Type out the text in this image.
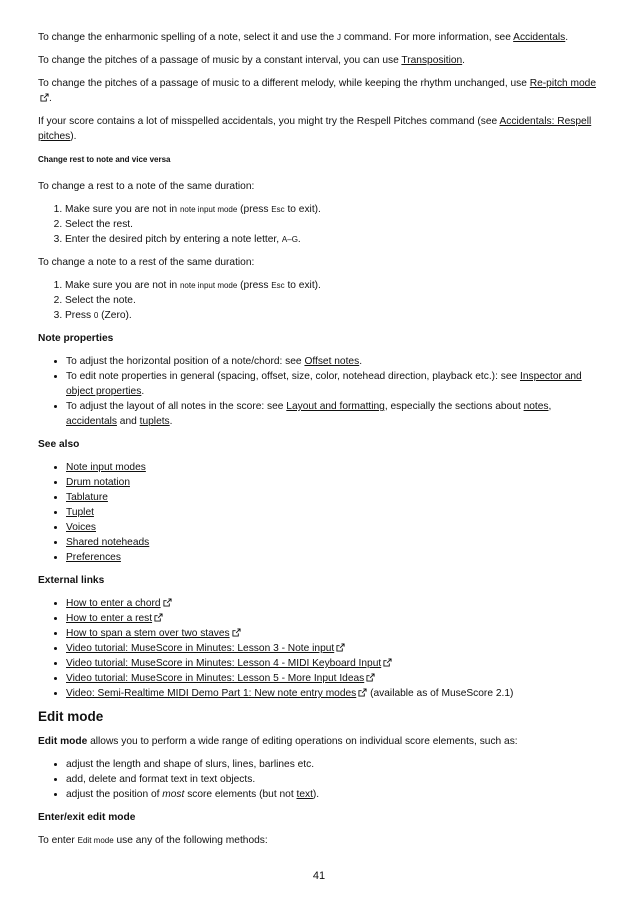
To change the enharmonic spelling of a note, select it and use the J command. For more information, see Accidentals.

To change the pitches of a passage of music by a constant interval, you can use Transposition.

To change the pitches of a passage of music to a different melody, while keeping the rhythm unchanged, use Re-pitch mode.

If your score contains a lot of misspelled accidentals, you might try the Respell Pitches command (see Accidentals: Respell pitches).

Change rest to note and vice versa

To change a rest to a note of the same duration:

1. Make sure you are not in note input mode (press Esc to exit).
2. Select the rest.
3. Enter the desired pitch by entering a note letter, A–G.

To change a note to a rest of the same duration:

1. Make sure you are not in note input mode (press Esc to exit).
2. Select the note.
3. Press 0 (Zero).
Note properties
• To adjust the horizontal position of a note/chord: see Offset notes.
• To edit note properties in general (spacing, offset, size, color, notehead direction, playback etc.): see Inspector and object properties.
• To adjust the layout of all notes in the score: see Layout and formatting, especially the sections about notes, accidentals and tuplets.
See also
• Note input modes
• Drum notation
• Tablature
• Tuplet
• Voices
• Shared noteheads
• Preferences
External links
• How to enter a chord
• How to enter a rest
• How to span a stem over two staves
• Video tutorial: MuseScore in Minutes: Lesson 3 - Note input
• Video tutorial: MuseScore in Minutes: Lesson 4 - MIDI Keyboard Input
• Video tutorial: MuseScore in Minutes: Lesson 5 - More Input Ideas
• Video: Semi-Realtime MIDI Demo Part 1: New note entry modes (available as of MuseScore 2.1)
Edit mode

Edit mode allows you to perform a wide range of editing operations on individual score elements, such as:

• adjust the length and shape of slurs, lines, barlines etc.
• add, delete and format text in text objects.
• adjust the position of most score elements (but not text).
Enter/exit edit mode

To enter Edit mode use any of the following methods:

41
